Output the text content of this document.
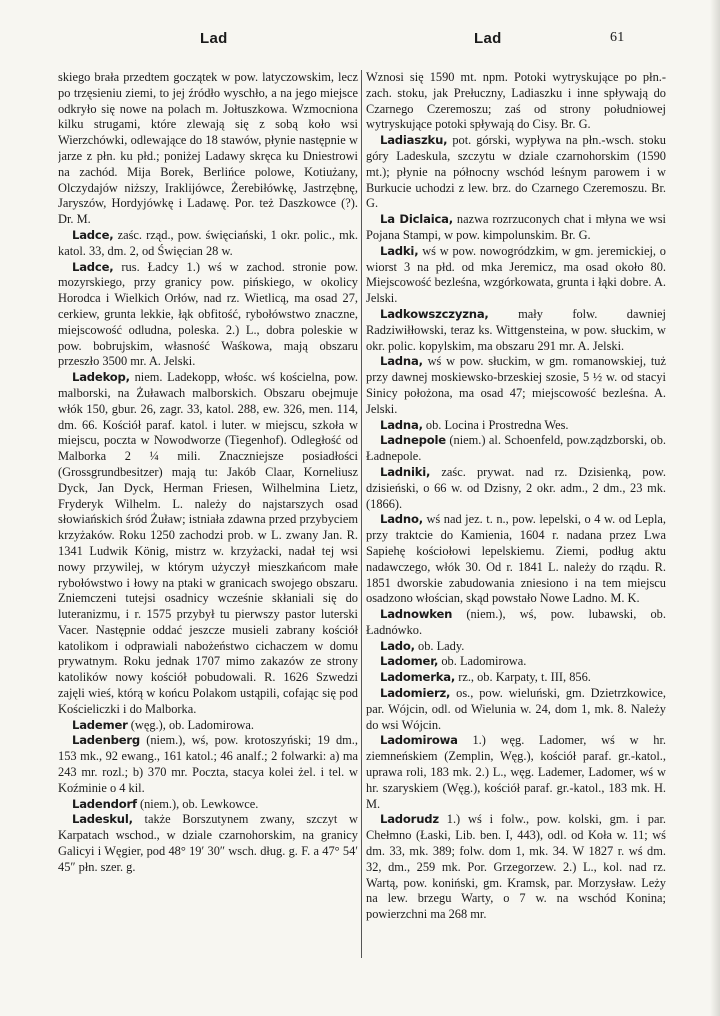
Lad	Lad	61

skiego brała przedtem goczątek w pow. latyczowskim, lecz po trzęsieniu ziemi, to jej źródło wyschło, a na jego miejsce odkryło się nowe na polach m. Jołtuszkowa. Wzmocniona kilku strugami, które zlewają się z sobą koło wsi Wierzchówki, odlewające do 18 stawów, płynie następnie w jarze z płn. ku płd.; poniżej Ladawy skręca ku Dniestrowi na zachód. Mija Borek, Berlińce polowe, Kotiużany, Olczydajów niższy, Iraklijówce, Żerebiłówkę, Jastrzębnę, Jaryszów, Hordyjówkę i Ladawę. Por. też Daszkowce (?). Dr. M.

Ladce, zaśc. rząd., pow. święciański, 1 okr. polic., mk. katol. 33, dm. 2, od Święcian 28 w.

Ladce, rus. Ładcy 1.) wś w zachod. stronie pow. mozyrskiego, przy granicy pow. pińskiego, w okolicy Horodca i Wielkich Orłów, nad rz. Wietlicą, ma osad 27, cerkiew, grunta lekkie, łąk obfitość, rybołówstwo znaczne, miejscowość odludna, poleska. 2.) L., dobra poleskie w pow. bobrujskim, własność Waśkowa, mają obszaru przeszło 3500 mr. A. Jelski.

Ladekop, niem. Ladekopp, włośc. wś kościelna, pow. malborski, na Żuławach malborskich. Obszaru obejmuje włók 150, gbur. 26, zagr. 33, katol. 288, ew. 326, men. 114, dm. 66. Kościół paraf. katol. i luter. w miejscu, szkoła w miejscu, poczta w Nowodworze (Tiegenhof). Odległość od Malborka 2 ¼ mili. Znaczniejsze posiadłości (Grossgrundbesitzer) mają tu: Jakób Claar, Korneliusz Dyck, Jan Dyck, Herman Friesen, Wilhelmina Lietz, Fryderyk Wilhelm. L. należy do najstarszych osad słowiańskich śród Żuław; istniała zdawna przed przybyciem krzyżaków. Roku 1250 zachodzi prob. w L. zwany Jan. R. 1341 Ludwik König, mistrz w. krzyżacki, nadał tej wsi nowy przywilej, w którym użyczył mieszkańcom małe rybołówstwo i łowy na ptaki w granicach swojego obszaru. Zniemczeni tutejsi osadnicy wcześnie skłaniali się do luteranizmu, i r. 1575 przybył tu pierwszy pastor luterski Vacer. Następnie oddać jeszcze musieli zabrany kościół katolikom i odprawiali nabożeństwo cichaczem w domu prywatnym. Roku jednak 1707 mimo zakazów ze strony katolików nowy kościół pobudowali. R. 1626 Szwedzi zajęli wieś, którą w końcu Polakom ustąpili, cofając się pod Kościeliczki i do Malborka.

Lademer (węg.), ob. Ladomirowa.

Ladenberg (niem.), wś, pow. krotoszyński; 19 dm., 153 mk., 92 ewang., 161 katol.; 46 analf.; 2 folwarki: a) ma 243 mr. rozl.; b) 370 mr. Poczta, stacya kolei żel. i tel. w Koźminie o 4 kil.

Ladendorf (niem.), ob. Lewkowce.

Ladeskul, także Borszutynem zwany, szczyt w Karpatach wschod., w dziale czarnohorskim, na granicy Galicyi i Węgier, pod 48° 19′ 30″ wsch. dług. g. F. a 47° 54′ 45″ płn. szer. g.

Wznosi się 1590 mt. npm. Potoki wytryskujące po płn.-zach. stoku, jak Prełuczny, Ladiaszku i inne spływają do Czarnego Czeremoszu; zaś od strony południowej wytryskujące potoki spływają do Cisy. Br. G.

Ladiaszku, pot. górski, wypływa na płn.-wsch. stoku góry Ladeskula, szczytu w dziale czarnohorskim (1590 mt.); płynie na północny wschód leśnym parowem i w Burkucie uchodzi z lew. brz. do Czarnego Czeremoszu. Br. G.

La Diclaica, nazwa rozrzuconych chat i młyna we wsi Pojana Stampi, w pow. kimpolunskim. Br. G.

Ladki, wś w pow. nowogródzkim, w gm. jeremickiej, o wiorst 3 na płd. od mka Jeremicz, ma osad około 80. Miejscowość bezleśna, wzgórkowata, grunta i łąki dobre. A. Jelski.

Ladkowszczyzna, mały folw. dawniej Radziwiłłowski, teraz ks. Wittgensteina, w pow. słuckim, w okr. polic. kopylskim, ma obszaru 291 mr. A. Jelski.

Ladna, wś w pow. słuckim, w gm. romanowskiej, tuż przy dawnej moskiewsko-brzeskiej szosie, 5 ½ w. od stacyi Sinicy położona, ma osad 47; miejscowość bezleśna. A. Jelski.

Ladna, ob. Locina i Prostredna Wes.

Ladnepole (niem.) al. Schoenfeld, pow.ządzborski, ob. Ładnepole.

Ladniki, zaśc. prywat. nad rz. Dzisienką, pow. dzisieński, o 66 w. od Dzisny, 2 okr. adm., 2 dm., 23 mk. (1866).

Ladno, wś nad jez. t. n., pow. lepelski, o 4 w. od Lepla, przy traktcie do Kamienia, 1604 r. nadana przez Lwa Sapiehę kościołowi lepelskiemu. Ziemi, podług aktu nadawczego, włók 30. Od r. 1841 L. należy do rządu. R. 1851 dworskie zabudowania zniesiono i na tem miejscu osadzono włościan, skąd powstało Nowe Ladno. M. K.

Ladnowken (niem.), wś, pow. lubawski, ob. Ładnówko.

Lado, ob. Lady.

Ladomer, ob. Ladomirowa.

Ladomerka, rz., ob. Karpaty, t. III, 856.

Ladomierz, os., pow. wieluński, gm. Dzietrzkowice, par. Wójcin, odl. od Wielunia w. 24, dom 1, mk. 8. Należy do wsi Wójcin.

Ladomirowa 1.) węg. Ladomer, wś w hr. ziemneńskiem (Zemplin, Węg.), kościół paraf. gr.-katol., uprawa roli, 183 mk. 2.) L., węg. Lademer, Ladomer, wś w hr. szaryskiem (Węg.), kościół paraf. gr.-katol., 183 mk. H. M.

Ladorudz 1.) wś i folw., pow. kolski, gm. i par. Chełmno (Łaski, Lib. ben. I, 443), odl. od Koła w. 11; wś dm. 33, mk. 389; folw. dom 1, mk. 34. W 1827 r. wś dm. 32, dm., 259 mk. Por. Grzegorzew. 2.) L., kol. nad rz. Wartą, pow. koniński, gm. Kramsk, par. Morzysław. Leży na lew. brzegu Warty, o 7 w. na wschód Konina; powierzchni ma 268 mr.
